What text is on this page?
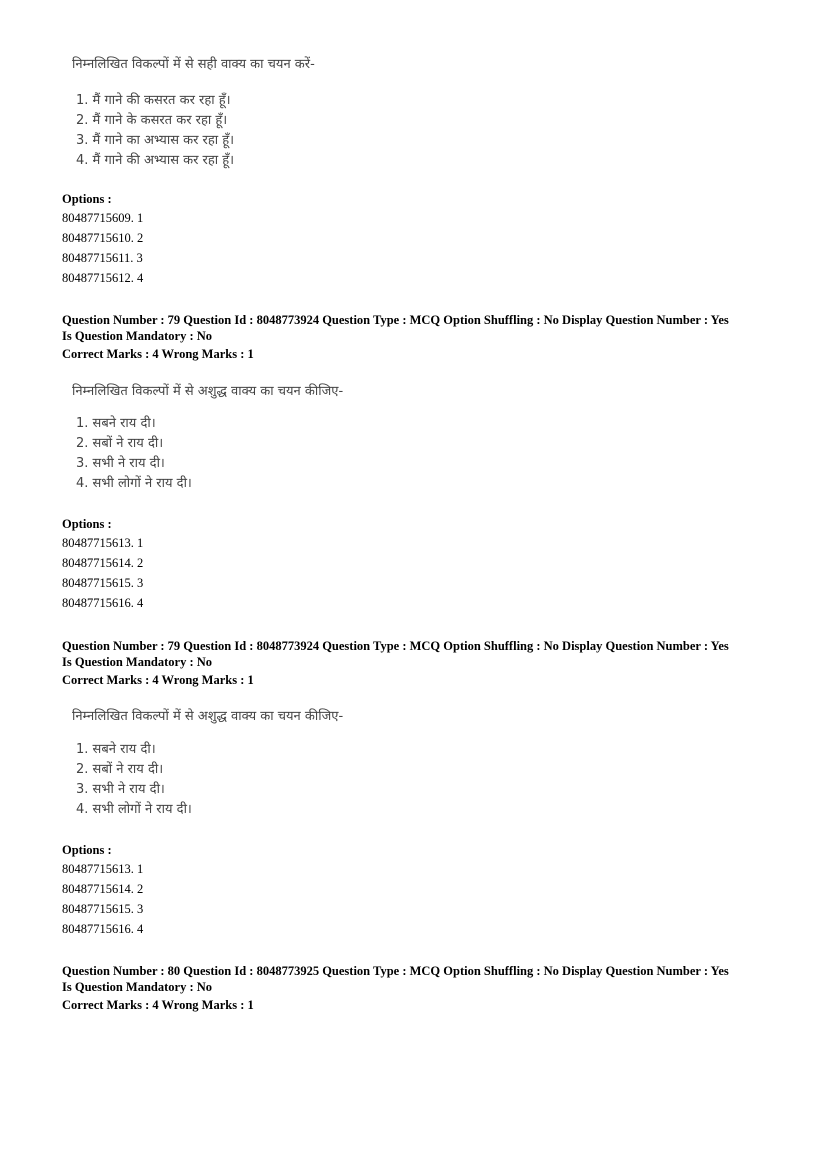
निम्नलिखित विकल्पों में से सही वाक्य का चयन करें-
1. मैं गाने की कसरत कर रहा हूँ।
2. मैं गाने के कसरत कर रहा हूँ।
3. मैं गाने का अभ्यास कर रहा हूँ।
4. मैं गाने की अभ्यास कर रहा हूँ।
Options :
80487715609. 1
80487715610. 2
80487715611. 3
80487715612. 4
Question Number : 79 Question Id : 8048773924 Question Type : MCQ Option Shuffling : No Display Question Number : Yes
Is Question Mandatory : No
Correct Marks : 4 Wrong Marks : 1
निम्नलिखित विकल्पों में से अशुद्ध वाक्य का चयन कीजिए-
1. सबने राय दी।
2. सबों ने राय दी।
3. सभी ने राय दी।
4. सभी लोगों ने राय दी।
Options :
80487715613. 1
80487715614. 2
80487715615. 3
80487715616. 4
Question Number : 79 Question Id : 8048773924 Question Type : MCQ Option Shuffling : No Display Question Number : Yes
Is Question Mandatory : No
Correct Marks : 4 Wrong Marks : 1
निम्नलिखित विकल्पों में से अशुद्ध वाक्य का चयन कीजिए-
1. सबने राय दी।
2. सबों ने राय दी।
3. सभी ने राय दी।
4. सभी लोगों ने राय दी।
Options :
80487715613. 1
80487715614. 2
80487715615. 3
80487715616. 4
Question Number : 80 Question Id : 8048773925 Question Type : MCQ Option Shuffling : No Display Question Number : Yes
Is Question Mandatory : No
Correct Marks : 4 Wrong Marks : 1
